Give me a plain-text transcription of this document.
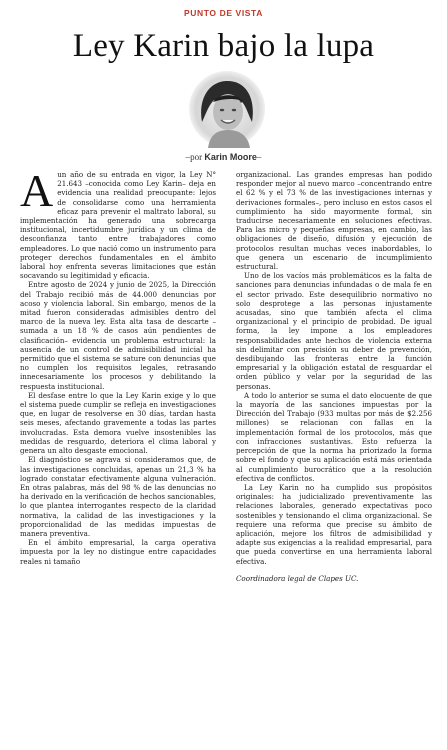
PUNTO DE VISTA
Ley Karin bajo la lupa
–por Karin Moore–

Aun año de su entrada en vigor, la Ley N° 21.643 –conocida como Ley Karin– deja en evidencia una realidad preocupante: lejos de consolidarse como una herramienta eficaz para prevenir el maltrato laboral, su implementación ha generado una sobrecarga institucional, incertidumbre jurídica y un clima de desconfianza tanto entre trabajadores como empleadores. Lo que nació como un instrumento para proteger derechos fundamentales en el ámbito laboral hoy enfrenta severas limitaciones que están socavando su legitimidad y eficacia.

Entre agosto de 2024 y junio de 2025, la Dirección del Trabajo recibió más de 44.000 denuncias por acoso y violencia laboral. Sin embargo, menos de la mitad fueron consideradas admisibles dentro del marco de la nueva ley. Esta alta tasa de descarte –sumada a un 18 % de casos aún pendientes de clasificación– evidencia un problema estructural: la ausencia de un control de admisibilidad inicial ha permitido que el sistema se sature con denuncias que no cumplen los requisitos legales, retrasando innecesariamente los procesos y debilitando la respuesta institucional.

El desfase entre lo que la Ley Karin exige y lo que el sistema puede cumplir se refleja en investigaciones que, en lugar de resolverse en 30 días, tardan hasta seis meses, afectando gravemente a todas las partes involucradas. Esta demora vuelve insostenibles las medidas de resguardo, deteriora el clima laboral y genera un alto desgaste emocional.

El diagnóstico se agrava si consideramos que, de las investigaciones concluidas, apenas un 21,3 % ha logrado constatar efectivamente alguna vulneración. En otras palabras, más del 98 % de las denuncias no ha derivado en la verificación de hechos sancionables, lo que plantea interrogantes respecto de la claridad normativa, la calidad de las investigaciones y la proporcionalidad de las medidas impuestas de manera preventiva.

En el ámbito empresarial, la carga operativa impuesta por la ley no distingue entre capacidades reales ni tamaño

organizacional. Las grandes empresas han podido responder mejor al nuevo marco –concentrando entre el 62 % y el 73 % de las investigaciones internas y derivaciones formales–, pero incluso en estos casos el cumplimiento ha sido mayormente formal, sin traducirse necesariamente en soluciones efectivas. Para las micro y pequeñas empresas, en cambio, las obligaciones de diseño, difusión y ejecución de protocolos resultan muchas veces inabordables, lo que genera un escenario de incumplimiento estructural.

Uno de los vacíos más problemáticos es la falta de sanciones para denuncias infundadas o de mala fe en el sector privado. Este desequilibrio normativo no solo desprotege a las personas injustamente acusadas, sino que también afecta el clima organizacional y el principio de probidad. De igual forma, la ley impone a los empleadores responsabilidades ante hechos de violencia externa sin delimitar con precisión su deber de prevención, desdibujando las fronteras entre la función empresarial y la obligación estatal de resguardar el orden público y velar por la seguridad de las personas.

A todo lo anterior se suma el dato elocuente de que la mayoría de las sanciones impuestas por la Dirección del Trabajo (933 multas por más de $2.256 millones) se relacionan con fallas en la implementación formal de los protocolos, más que con infracciones sustantivas. Esto refuerza la percepción de que la norma ha priorizado la forma sobre el fondo y que su aplicación está más orientada al cumplimiento burocrático que a la resolución efectiva de conflictos.

La Ley Karin no ha cumplido sus propósitos originales: ha judicializado preventivamente las relaciones laborales, generado expectativas poco sostenibles y tensionando el clima organizacional. Se requiere una reforma que precise su ámbito de aplicación, mejore los filtros de admisibilidad y adapte sus exigencias a la realidad empresarial, para que pueda convertirse en una herramienta laboral efectiva.

Coordinadora legal de Clapes UC.
